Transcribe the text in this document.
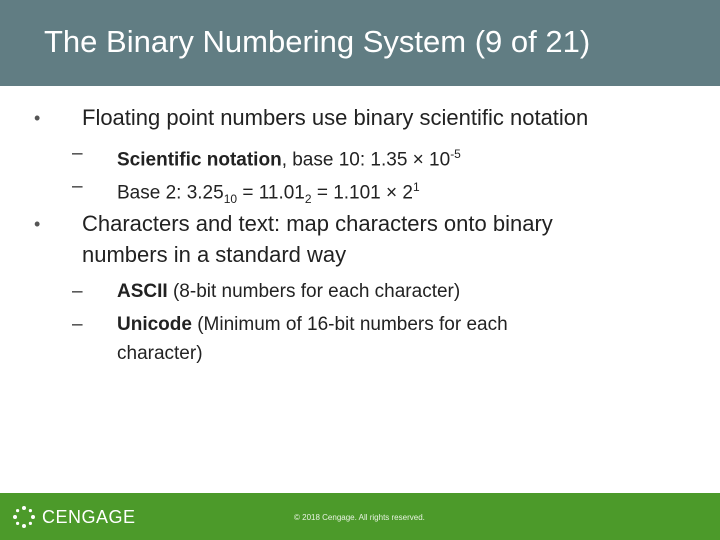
The Binary Numbering System (9 of 21)
•	Floating point numbers use binary scientific notation
– Scientific notation, base 10: $1.35 \times 10^{-5}$
– Base 2: $3.25_{10} = 11.01_2 = 1.101 \times 2^1$
•	Characters and text: map characters onto binary
numbers in a standard way
– ASCII (8-bit numbers for each character)
– Unicode (Minimum of 16-bit numbers for each
character)
CENGAGE	© 2018 Cengage. All rights reserved.
